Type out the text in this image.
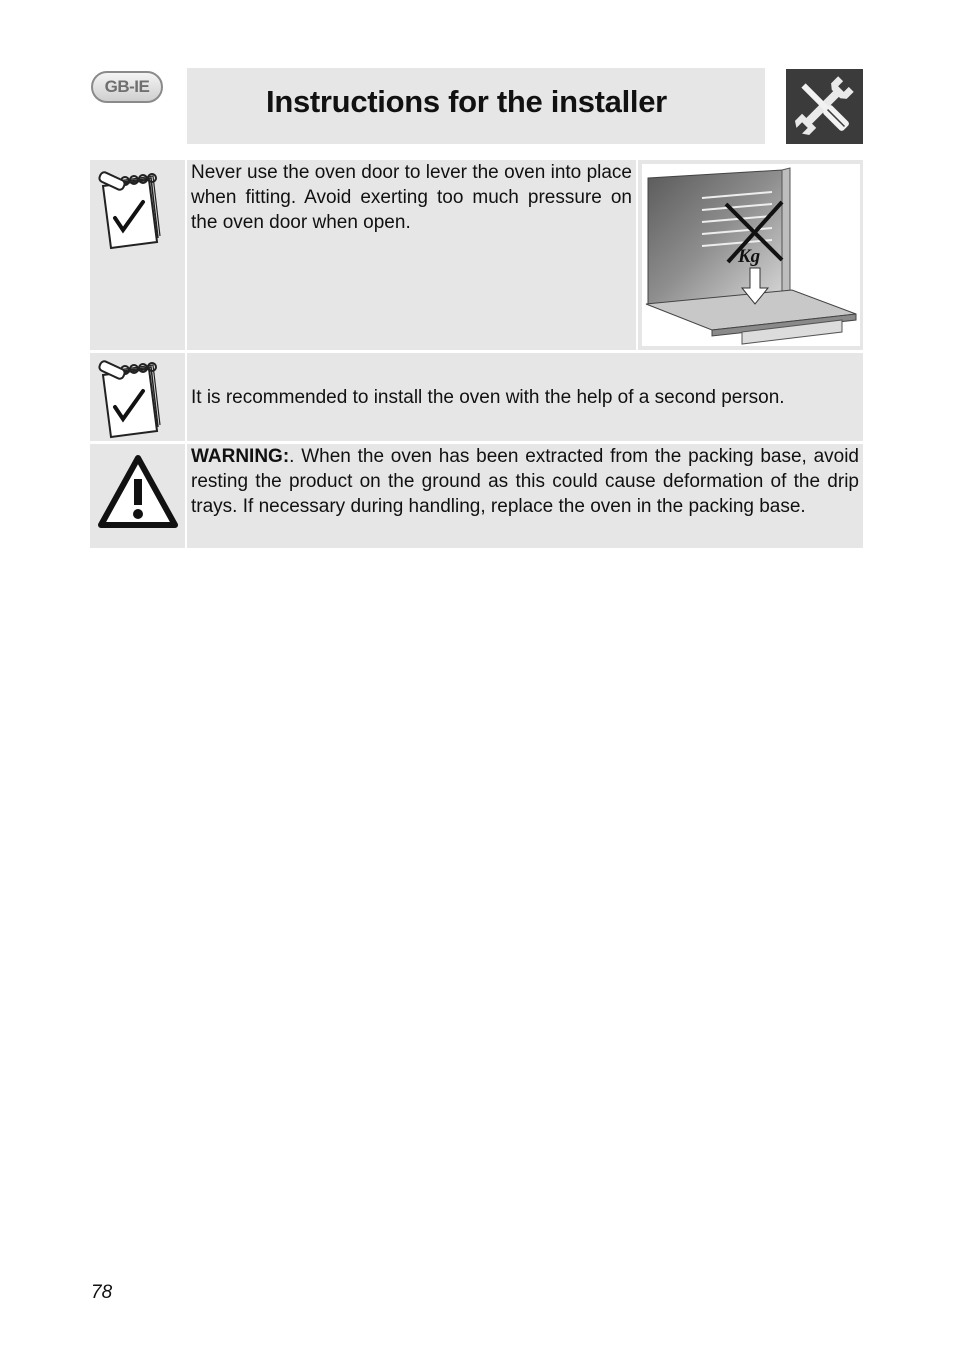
GB-IE	Instructions for the installer

Never use the oven door to lever the oven into place when fitting. Avoid exerting too much pressure on the oven door when open.

Kg

It is recommended to install the oven with the help of a second person.

WARNING:. When the oven has been extracted from the packing base, avoid resting the product on the ground as this could cause deformation of the drip trays. If necessary during handling, replace the oven in the packing base.

78
